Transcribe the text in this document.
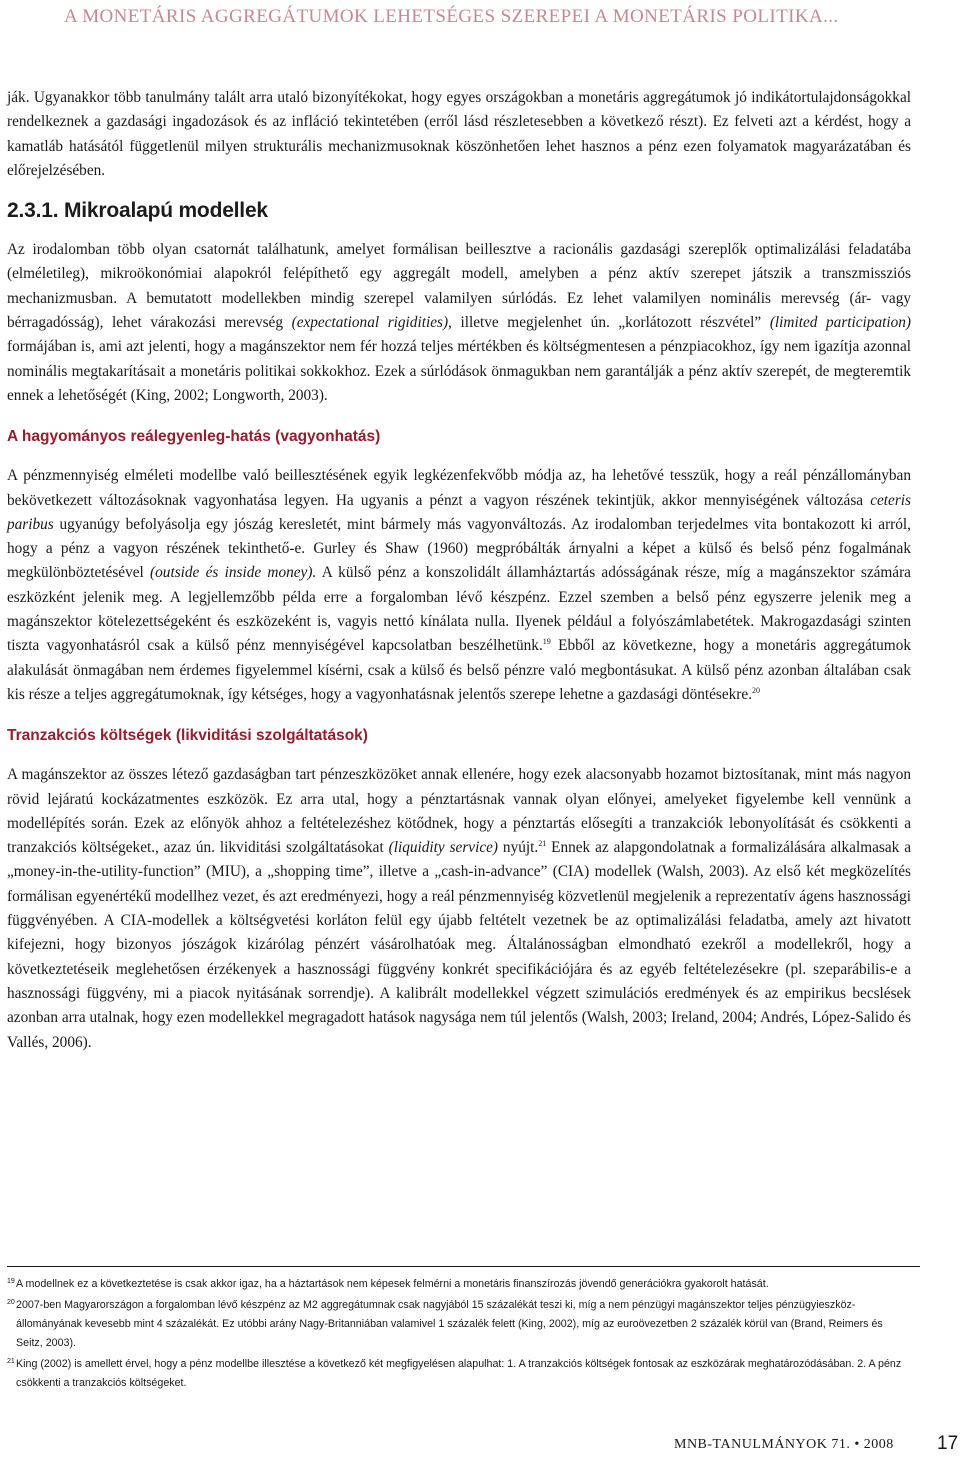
A MONETÁRIS AGGREGÁTUMOK LEHETSÉGES SZEREPEI A MONETÁRIS POLITIKA...

ják. Ugyanakkor több tanulmány talált arra utaló bizonyítékokat, hogy egyes országokban a monetáris aggregátumok jó indikátortulajdonságokkal rendelkeznek a gazdasági ingadozások és az infláció tekintetében (erről lásd részletesebben a következő részt). Ez felveti azt a kérdést, hogy a kamatláb hatásától függetlenül milyen strukturális mechanizmusoknak köszönhetően lehet hasznos a pénz ezen folyamatok magyarázatában és előrejelzésében.

2.3.1. Mikroalapú modellek

Az irodalomban több olyan csatornát találhatunk, amelyet formálisan beillesztve a racionális gazdasági szereplők optimalizálási feladatába (elméletileg), mikroökonómiai alapokról felépíthető egy aggregált modell, amelyben a pénz aktív szerepet játszik a transzmissziós mechanizmusban. A bemutatott modellekben mindig szerepel valamilyen súrlódás. Ez lehet valamilyen nominális merevség (ár- vagy bérragadósság), lehet várakozási merevség (expectational rigidities), illetve megjelenhet ún. „korlátozott részvétel” (limited participation) formájában is, ami azt jelenti, hogy a magánszektor nem fér hozzá teljes mértékben és költségmentesen a pénzpiacokhoz, így nem igazítja azonnal nominális megtakarításait a monetáris politikai sokkokhoz. Ezek a súrlódások önmagukban nem garantálják a pénz aktív szerepét, de megteremtik ennek a lehetőségét (King, 2002; Longworth, 2003).

A hagyományos reálegyenleg-hatás (vagyonhatás)

A pénzmennyiség elméleti modellbe való beillesztésének egyik legkézenfekvőbb módja az, ha lehetővé tesszük, hogy a reál pénzállományban bekövetkezett változásoknak vagyonhatása legyen. Ha ugyanis a pénzt a vagyon részének tekintjük, akkor mennyiségének változása ceteris paribus ugyanúgy befolyásolja egy jószág keresletét, mint bármely más vagyonváltozás. Az irodalomban terjedelmes vita bontakozott ki arról, hogy a pénz a vagyon részének tekinthető-e. Gurley és Shaw (1960) megpróbálták árnyalni a képet a külső és belső pénz fogalmának megkülönböztetésével (outside és inside money). A külső pénz a konszolidált államháztartás adósságának része, míg a magánszektor számára eszközként jelenik meg. A legjellemzőbb példa erre a forgalomban lévő készpénz. Ezzel szemben a belső pénz egyszerre jelenik meg a magánszektor kötelezettségeként és eszközeként is, vagyis nettó kínálata nulla. Ilyenek például a folyószámlabetétek. Makrogazdasági szinten tiszta vagyonhatásról csak a külső pénz mennyiségével kapcsolatban beszélhetünk.$^{19}$ Ebből az következne, hogy a monetáris aggregátumok alakulását önmagában nem érdemes figyelemmel kísérni, csak a külső és belső pénzre való megbontásukat. A külső pénz azonban általában csak kis része a teljes aggregátumoknak, így kétséges, hogy a vagyonhatásnak jelentős szerepe lehetne a gazdasági döntésekre.$^{20}$

Tranzakciós költségek (likviditási szolgáltatások)

A magánszektor az összes létező gazdaságban tart pénzeszközöket annak ellenére, hogy ezek alacsonyabb hozamot biztosítanak, mint más nagyon rövid lejáratú kockázatmentes eszközök. Ez arra utal, hogy a pénztartásnak vannak olyan előnyei, amelyeket figyelembe kell vennünk a modellépítés során. Ezek az előnyök ahhoz a feltételezéshez kötődnek, hogy a pénztartás elősegíti a tranzakciók lebonyolítását és csökkenti a tranzakciós költségeket., azaz ún. likviditási szolgáltatásokat (liquidity service) nyújt.$^{21}$ Ennek az alapgondolatnak a formalizálására alkalmasak a „money-in-the-utility-function” (MIU), a „shopping time”, illetve a „cash-in-advance” (CIA) modellek (Walsh, 2003). Az első két megközelítés formálisan egyenértékű modellhez vezet, és azt eredményezi, hogy a reál pénzmennyiség közvetlenül megjelenik a reprezentatív ágens hasznossági függvényében. A CIA-modellek a költségvetési korláton felül egy újabb feltételt vezetnek be az optimalizálási feladatba, amely azt hivatott kifejezni, hogy bizonyos jószágok kizárólag pénzért vásárolhatóak meg. Általánosságban elmondható ezekről a modellekről, hogy a következtetéseik meglehetősen érzékenyek a hasznossági függvény konkrét specifikációjára és az egyéb feltételezésekre (pl. szeparábilis-e a hasznossági függvény, mi a piacok nyitásának sorrendje). A kalibrált modellekkel végzett szimulációs eredmények és az empirikus becslések azonban arra utalnak, hogy ezen modellekkel megragadott hatások nagysága nem túl jelentős (Walsh, 2003; Ireland, 2004; Andrés, López-Salido és Vallés, 2006).

19 A modellnek ez a következtetése is csak akkor igaz, ha a háztartások nem képesek felmérni a monetáris finanszírozás jövendő generációkra gyakorolt hatását.
20 2007-ben Magyarországon a forgalomban lévő készpénz az M2 aggregátumnak csak nagyjából 15 százalékát teszi ki, míg a nem pénzügyi magánszektor teljes pénzügyieszköz-állományának kevesebb mint 4 százalékát. Ez utóbbi arány Nagy-Britanniában valamivel 1 százalék felett (King, 2002), míg az euroövezetben 2 százalék körül van (Brand, Reimers és Seitz, 2003).
21 King (2002) is amellett érvel, hogy a pénz modellbe illesztése a következő két megfigyelésen alapulhat: 1. A tranzakciós költségek fontosak az eszközárak meghatározódásában. 2. A pénz csökkenti a tranzakciós költségeket.
MNB-TANULMÁNYOK 71. • 2008 17
